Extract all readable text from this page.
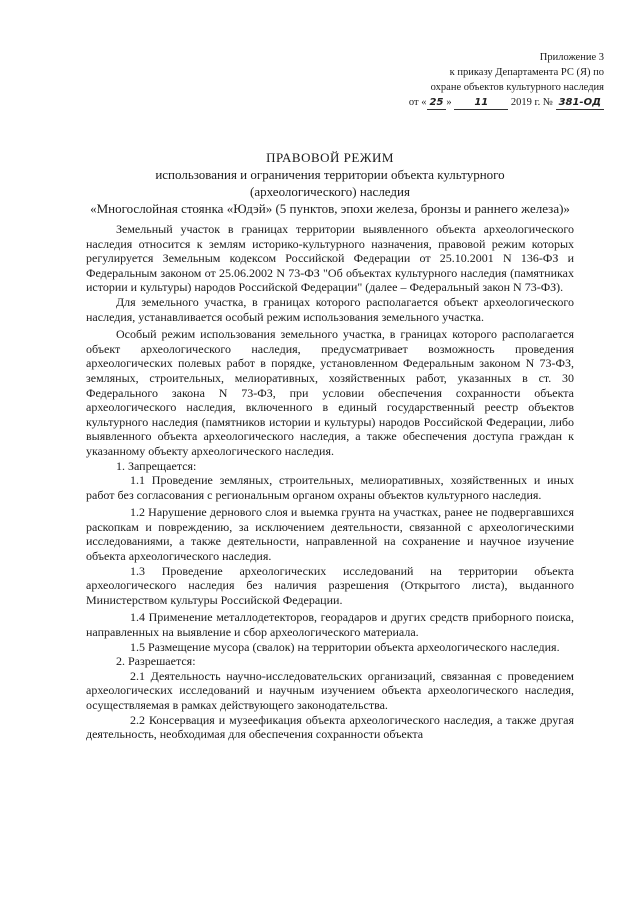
Приложение 3
к приказу Департамента РС (Я) по
охране объектов культурного наследия
от « 25 » 11 2019 г. № 381-ОД
ПРАВОВОЙ РЕЖИМ
использования и ограничения территории объекта культурного
(археологического) наследия
«Многослойная стоянка «Юдэй» (5 пунктов, эпохи железа, бронзы и раннего железа)»

Земельный участок в границах территории выявленного объекта археологического наследия относится к землям историко-культурного назначения, правовой режим которых регулируется Земельным кодексом Российской Федерации от 25.10.2001 N 136-ФЗ и Федеральным законом от 25.06.2002 N 73-ФЗ "Об объектах культурного наследия (памятниках истории и культуры) народов Российской Федерации" (далее – Федеральный закон N 73-ФЗ).

Для земельного участка, в границах которого располагается объект археологического наследия, устанавливается особый режим использования земельного участка.

Особый режим использования земельного участка, в границах которого располагается объект археологического наследия, предусматривает возможность проведения археологических полевых работ в порядке, установленном Федеральным законом N 73-ФЗ, земляных, строительных, мелиоративных, хозяйственных работ, указанных в ст. 30 Федерального закона N 73-ФЗ, при условии обеспечения сохранности объекта археологического наследия, включенного в единый государственный реестр объектов культурного наследия (памятников истории и культуры) народов Российской Федерации, либо выявленного объекта археологического наследия, а также обеспечения доступа граждан к указанному объекту археологического наследия.

1. Запрещается:

1.1 Проведение земляных, строительных, мелиоративных, хозяйственных и иных работ без согласования с региональным органом охраны объектов культурного наследия.

1.2 Нарушение дернового слоя и выемка грунта на участках, ранее не подвергавшихся раскопкам и повреждению, за исключением деятельности, связанной с археологическими исследованиями, а также деятельности, направленной на сохранение и научное изучение объекта археологического наследия.

1.3 Проведение археологических исследований на территории объекта археологического наследия без наличия разрешения (Открытого листа), выданного Министерством культуры Российской Федерации.

1.4 Применение металлодетекторов, георадаров и других средств приборного поиска, направленных на выявление и сбор археологического материала.

1.5 Размещение мусора (свалок) на территории объекта археологического наследия.

2. Разрешается:

2.1 Деятельность научно-исследовательских организаций, связанная с проведением археологических исследований и научным изучением объекта археологического наследия, осуществляемая в рамках действующего законодательства.

2.2 Консервация и музеефикация объекта археологического наследия, а также другая деятельность, необходимая для обеспечения сохранности объекта
